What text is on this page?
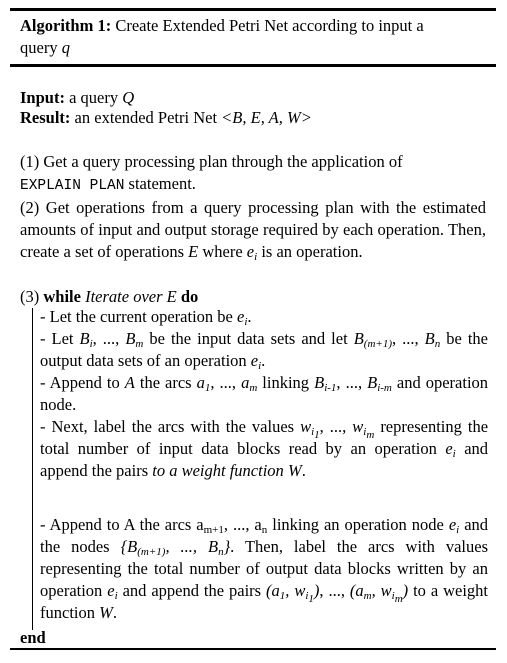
Algorithm 1: Create Extended Petri Net according to input a
query q
Input: a query Q
Result: an extended Petri Net <B, E, A, W>
(1) Get a query processing plan through the application of
EXPLAIN PLAN statement.
(2) Get operations from a query processing plan with the estimated amounts of input and output storage required by each operation. Then, create a set of operations E where $e_i$ is an operation.
(3) while Iterate over E do
- Let the current operation be $e_i$.
- Let $B_i$, ..., $B_m$ be the input data sets and let $B_{(m+1)}$, ..., $B_n$ be the output data sets of an operation $e_i$.
- Append to A the arcs $a_1$, ..., $a_m$ linking $B_{i-1}$, ..., $B_{i-m}$ and operation node.
- Next, label the arcs with the values $w_{i_1}$, ..., $w_{i_m}$ representing the total number of input data blocks read by an operation $e_i$ and append the pairs to a weight function W.
- Append to A the arcs $a_{m+1}$, ..., $a_n$ linking an operation node $e_i$ and the nodes {$B_{(m+1)}$, ..., $B_n$}. Then, label the arcs with values representing the total number of output data blocks written by an operation $e_i$ and append the pairs ($a_1$, $w_{i_1}$), ..., ($a_m$, $w_{i_m}$) to a weight function W.
end
